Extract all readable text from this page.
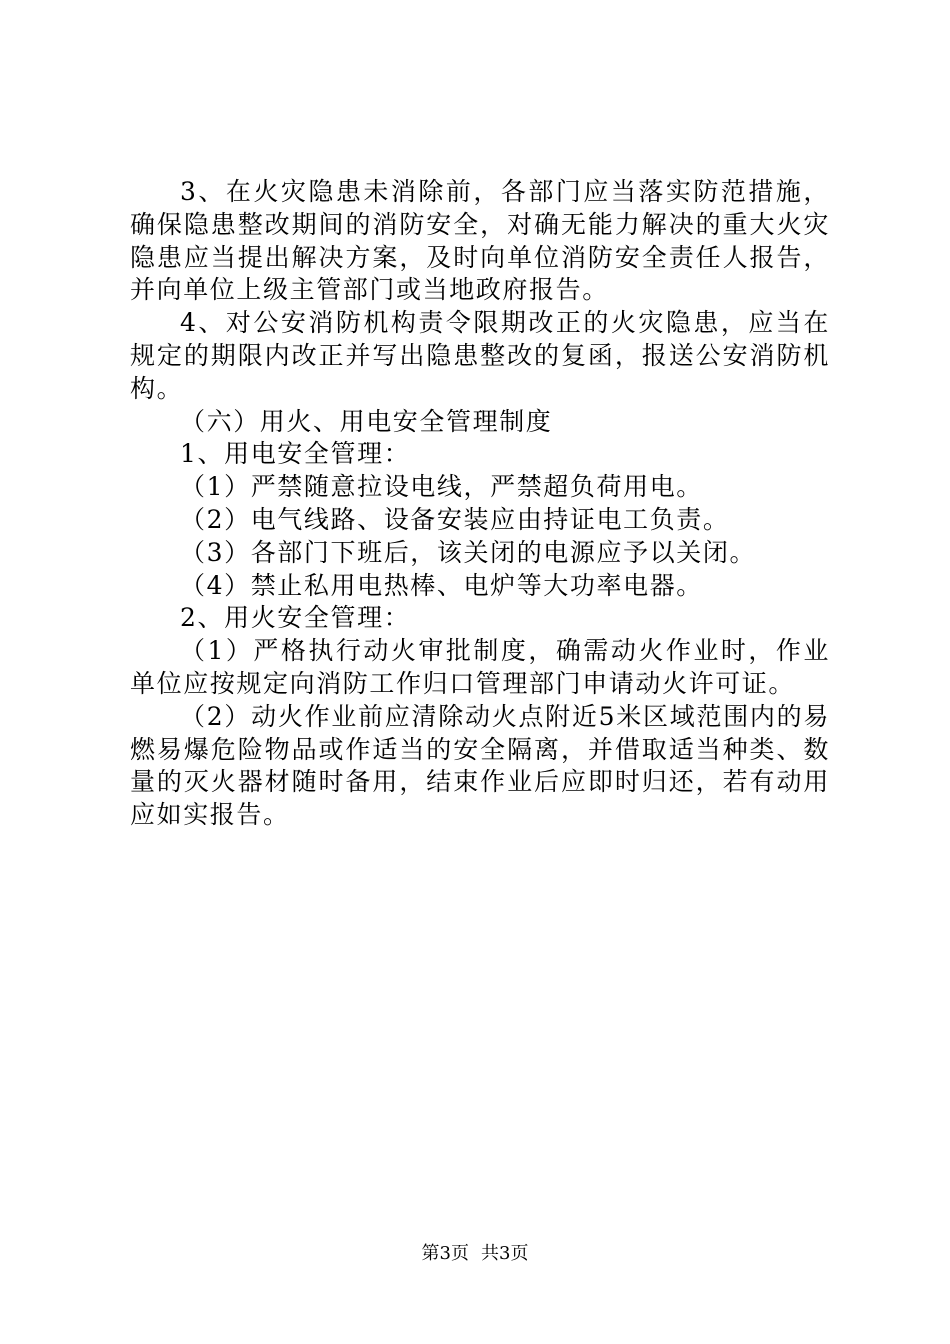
3、在火灾隐患未消除前，各部门应当落实防范措施，确保隐患整改期间的消防安全，对确无能力解决的重大火灾隐患应当提出解决方案，及时向单位消防安全责任人报告，并向单位上级主管部门或当地政府报告。

4、对公安消防机构责令限期改正的火灾隐患，应当在规定的期限内改正并写出隐患整改的复函，报送公安消防机构。

（六）用火、用电安全管理制度

1、用电安全管理：

（1）严禁随意拉设电线，严禁超负荷用电。

（2）电气线路、设备安装应由持证电工负责。

（3）各部门下班后，该关闭的电源应予以关闭。

（4）禁止私用电热棒、电炉等大功率电器。

2、用火安全管理：

（1）严格执行动火审批制度，确需动火作业时，作业单位应按规定向消防工作归口管理部门申请动火许可证。

（2）动火作业前应清除动火点附近5米区域范围内的易燃易爆危险物品或作适当的安全隔离，并借取适当种类、数量的灭火器材随时备用，结束作业后应即时归还，若有动用应如实报告。

第3页 共3页
